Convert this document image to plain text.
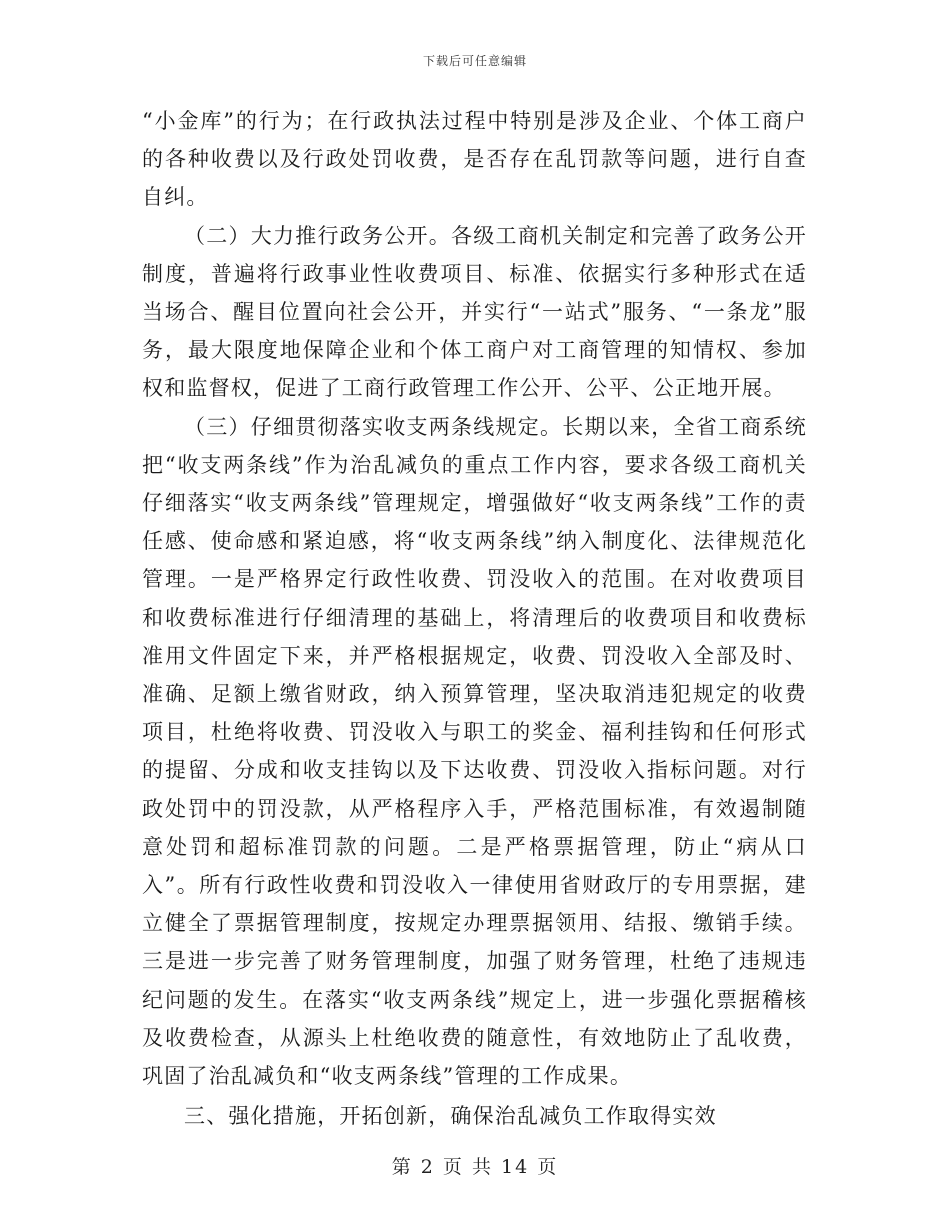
下载后可任意编辑

“小金库”的行为；在行政执法过程中特别是涉及企业、个体工商户的各种收费以及行政处罚收费，是否存在乱罚款等问题，进行自查自纠。

（二）大力推行政务公开。各级工商机关制定和完善了政务公开制度，普遍将行政事业性收费项目、标准、依据实行多种形式在适当场合、醒目位置向社会公开，并实行“一站式”服务、“一条龙”服务，最大限度地保障企业和个体工商户对工商管理的知情权、参加权和监督权，促进了工商行政管理工作公开、公平、公正地开展。

（三）仔细贯彻落实收支两条线规定。长期以来，全省工商系统把“收支两条线”作为治乱减负的重点工作内容，要求各级工商机关仔细落实“收支两条线”管理规定，增强做好“收支两条线”工作的责任感、使命感和紧迫感，将“收支两条线”纳入制度化、法律规范化管理。一是严格界定行政性收费、罚没收入的范围。在对收费项目和收费标准进行仔细清理的基础上，将清理后的收费项目和收费标准用文件固定下来，并严格根据规定，收费、罚没收入全部及时、准确、足额上缴省财政，纳入预算管理，坚决取消违犯规定的收费项目，杜绝将收费、罚没收入与职工的奖金、福利挂钩和任何形式的提留、分成和收支挂钩以及下达收费、罚没收入指标问题。对行政处罚中的罚没款，从严格程序入手，严格范围标准，有效遏制随意处罚和超标准罚款的问题。二是严格票据管理，防止“病从口入”。所有行政性收费和罚没收入一律使用省财政厅的专用票据，建立健全了票据管理制度，按规定办理票据领用、结报、缴销手续。三是进一步完善了财务管理制度，加强了财务管理，杜绝了违规违纪问题的发生。在落实“收支两条线”规定上，进一步强化票据稽核及收费检查，从源头上杜绝收费的随意性，有效地防止了乱收费，巩固了治乱减负和“收支两条线”管理的工作成果。

三、强化措施，开拓创新，确保治乱减负工作取得实效

第 2 页 共 14 页
